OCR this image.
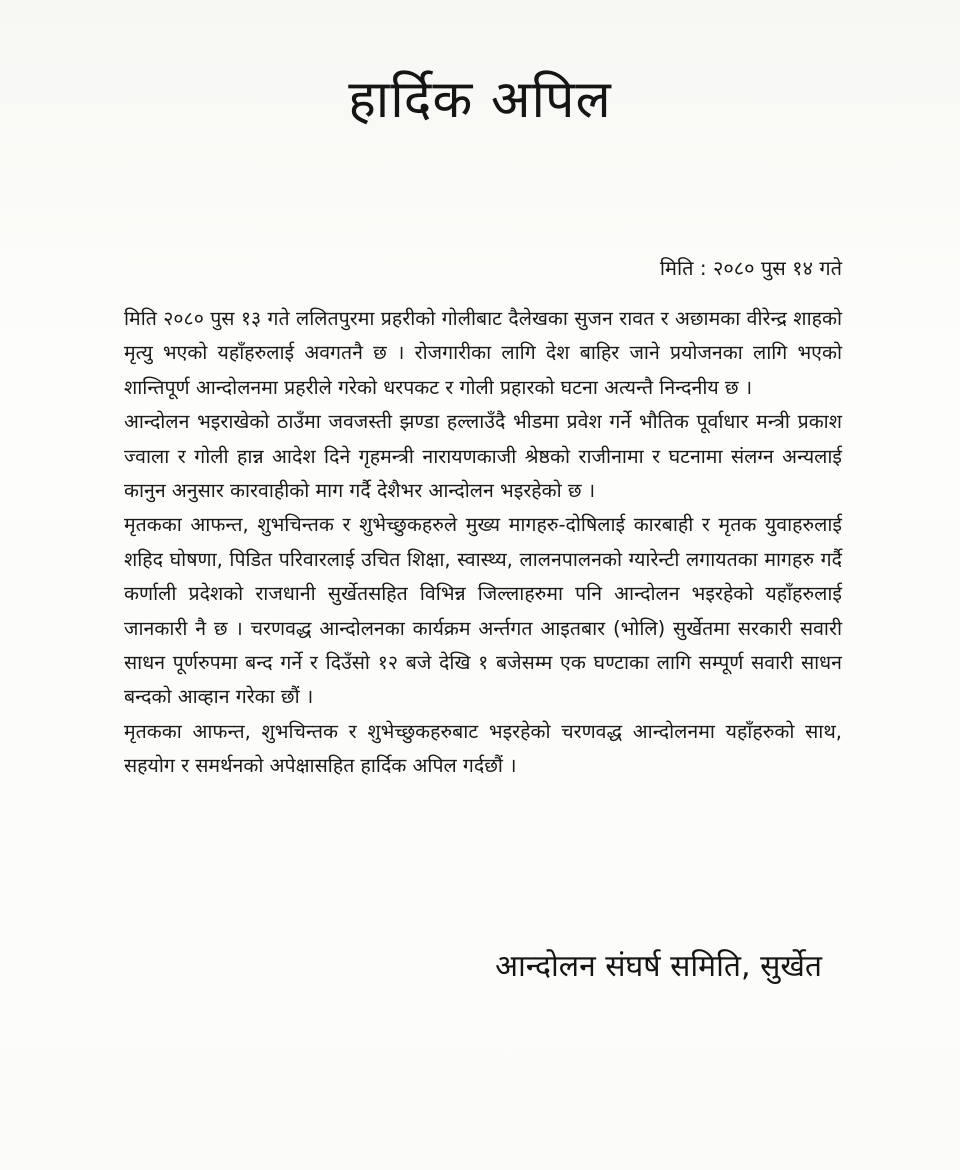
हार्दिक अपिल
मिति : २०८० पुस १४ गते

मिति २०८० पुस १३ गते ललितपुरमा प्रहरीको गोलीबाट दैलेखका सुजन रावत र अछामका वीरेन्द्र शाहको मृत्यु भएको यहाँहरुलाई अवगतनै छ । रोजगारीका लागि देश बाहिर जाने प्रयोजनका लागि भएको शान्तिपूर्ण आन्दोलनमा प्रहरीले गरेको धरपकट र गोली प्रहारको घटना अत्यन्तै निन्दनीय छ ।

आन्दोलन भइराखेको ठाउँमा जवजस्ती झण्डा हल्लाउँदै भीडमा प्रवेश गर्ने भौतिक पूर्वाधार मन्त्री प्रकाश ज्वाला र गोली हान्न आदेश दिने गृहमन्त्री नारायणकाजी श्रेष्ठको राजीनामा र घटनामा संलग्न अन्यलाई कानुन अनुसार कारवाहीको माग गर्दै देशैभर आन्दोलन भइरहेको छ ।

मृतकका आफन्त, शुभचिन्तक र शुभेच्छुकहरुले मुख्य मागहरु-दोषिलाई कारबाही र मृतक युवाहरुलाई शहिद घोषणा, पिडित परिवारलाई उचित शिक्षा, स्वास्थ्य, लालनपालनको ग्यारेन्टी लगायतका मागहरु गर्दै कर्णाली प्रदेशको राजधानी सुर्खेतसहित विभिन्न जिल्लाहरुमा पनि आन्दोलन भइरहेको यहाँहरुलाई जानकारी नै छ । चरणवद्ध आन्दोलनका कार्यक्रम अर्न्तगत आइतबार (भोलि) सुर्खेतमा सरकारी सवारी साधन पूर्णरुपमा बन्द गर्ने र दिउँसो १२ बजे देखि १ बजेसम्म एक घण्टाका लागि सम्पूर्ण सवारी साधन बन्दको आव्हान गरेका छौं ।

मृतकका आफन्त, शुभचिन्तक र शुभेच्छुकहरुबाट भइरहेको चरणवद्ध आन्दोलनमा यहाँहरुको साथ, सहयोग र समर्थनको अपेक्षासहित हार्दिक अपिल गर्दछौं ।

आन्दोलन संघर्ष समिति, सुर्खेत
